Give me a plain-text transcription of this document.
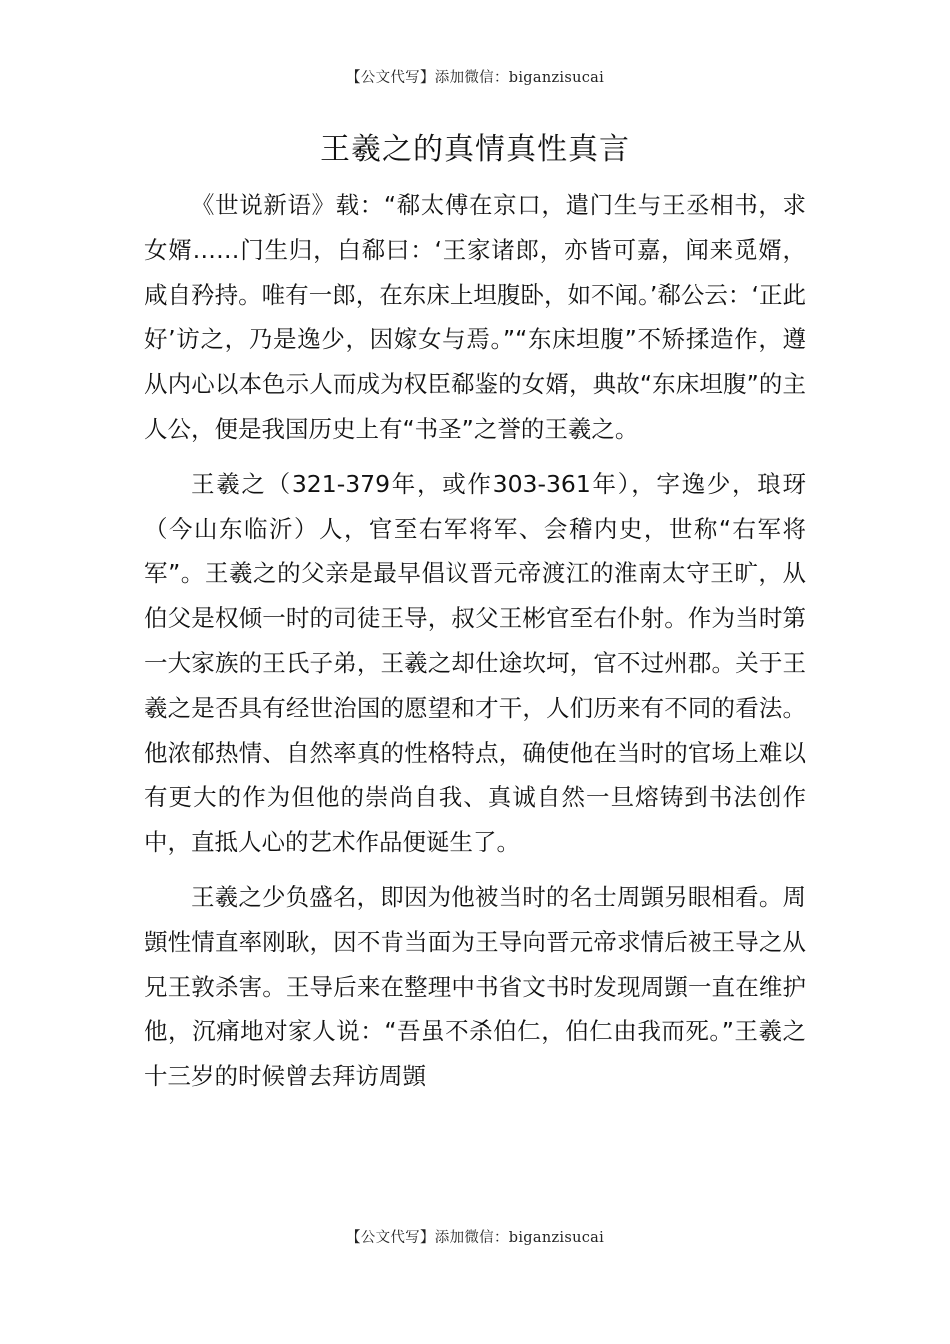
【公文代写】添加微信：biganzisucai
王羲之的真情真性真言

《世说新语》载：“郗太傅在京口，遣门生与王丞相书，求女婿……门生归，白郗曰：‘王家诸郎，亦皆可嘉，闻来觅婿，咸自矜持。唯有一郎，在东床上坦腹卧，如不闻。’郗公云：‘正此好’访之，乃是逸少，因嫁女与焉。”“东床坦腹”不矫揉造作，遵从内心以本色示人而成为权臣郗鉴的女婿，典故“东床坦腹”的主人公，便是我国历史上有“书圣”之誉的王羲之。

王羲之（321-379年，或作303-361年），字逸少，琅玡（今山东临沂）人，官至右军将军、会稽内史，世称“右军将军”。王羲之的父亲是最早倡议晋元帝渡江的淮南太守王旷，从伯父是权倾一时的司徒王导，叔父王彬官至右仆射。作为当时第一大家族的王氏子弟，王羲之却仕途坎坷，官不过州郡。关于王羲之是否具有经世治国的愿望和才干，人们历来有不同的看法。他浓郁热情、自然率真的性格特点，确使他在当时的官场上难以有更大的作为但他的崇尚自我、真诚自然一旦熔铸到书法创作中，直抵人心的艺术作品便诞生了。

王羲之少负盛名，即因为他被当时的名士周顗另眼相看。周顗性情直率刚耿，因不肯当面为王导向晋元帝求情后被王导之从兄王敦杀害。王导后来在整理中书省文书时发现周顗一直在维护他，沉痛地对家人说：“吾虽不杀伯仁，伯仁由我而死。”王羲之十三岁的时候曾去拜访周顗

【公文代写】添加微信：biganzisucai
